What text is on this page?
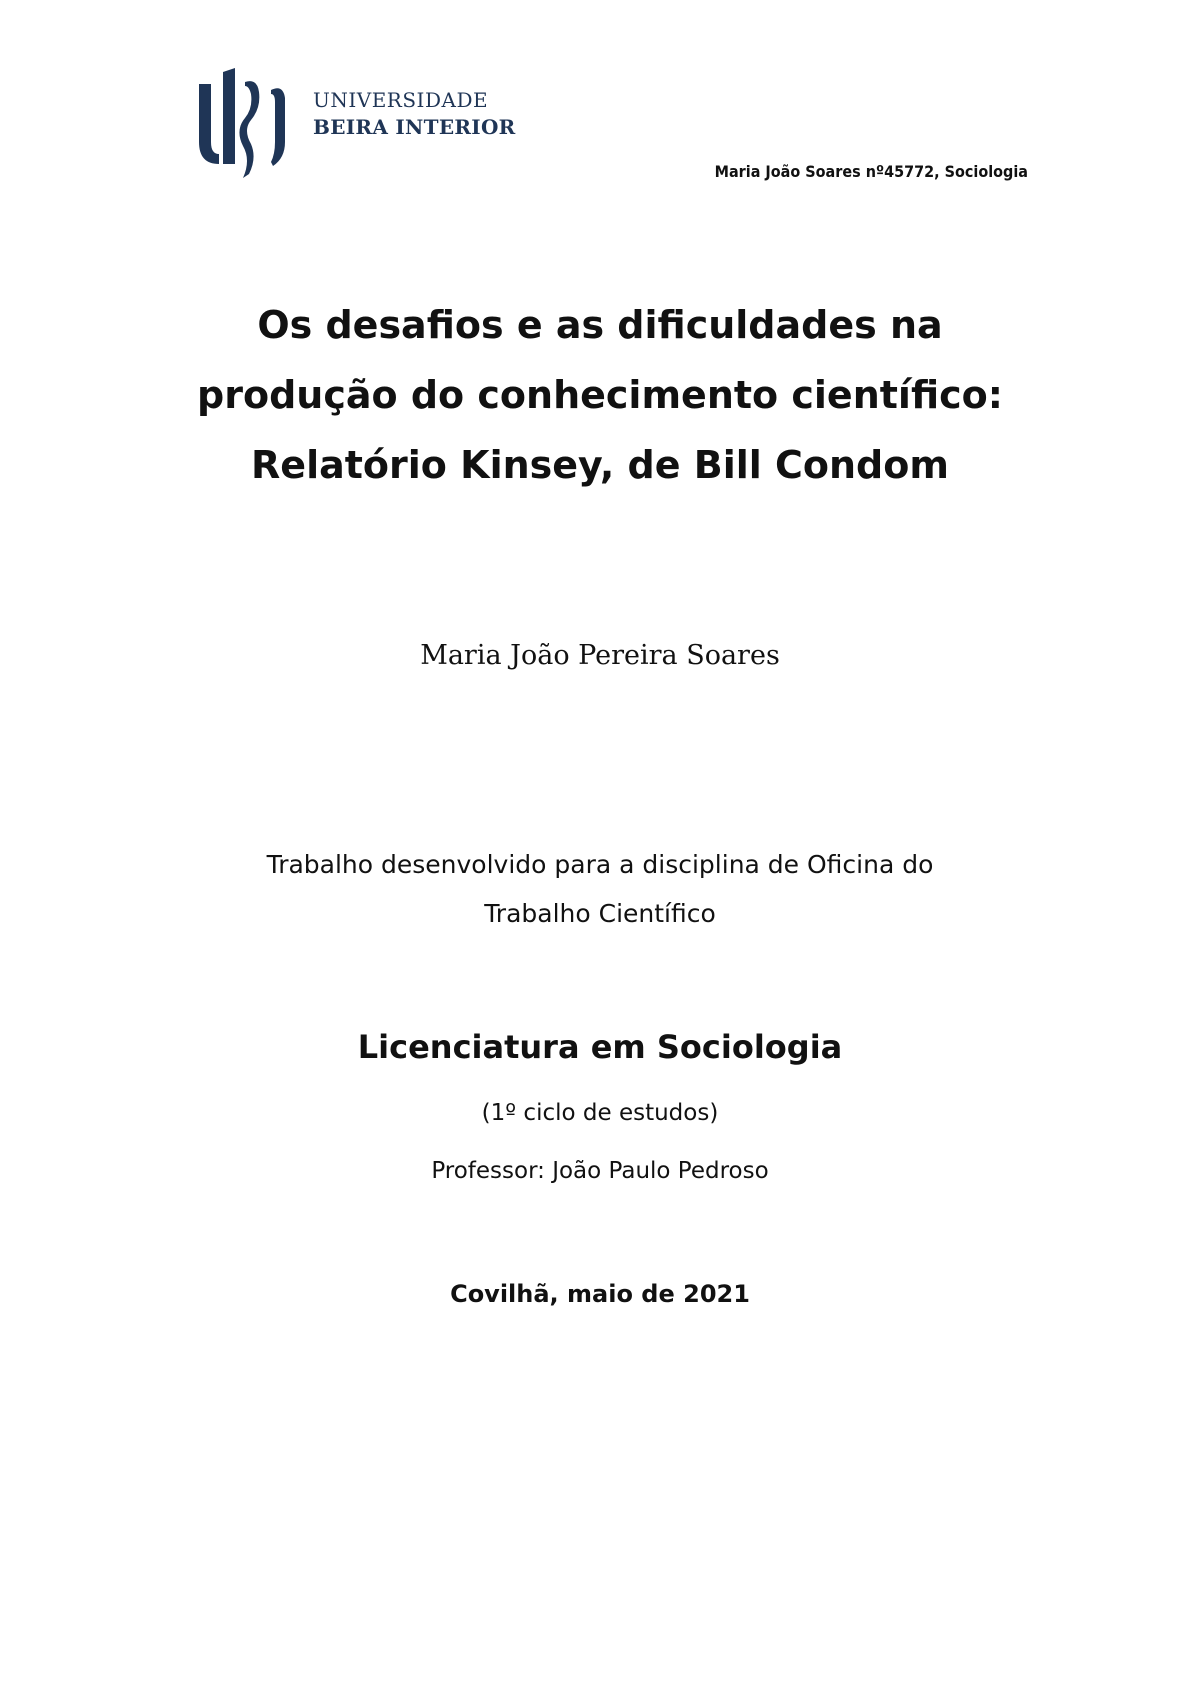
UNIVERSIDADE
BEIRA INTERIOR
Maria João Soares nº45772, Sociologia
Os desafios e as dificuldades na
produção do conhecimento científico:
Relatório Kinsey, de Bill Condom
Maria João Pereira Soares
Trabalho desenvolvido para a disciplina de Oficina do
Trabalho Científico
Licenciatura em Sociologia
(1º ciclo de estudos)
Professor: João Paulo Pedroso
Covilhã, maio de 2021
